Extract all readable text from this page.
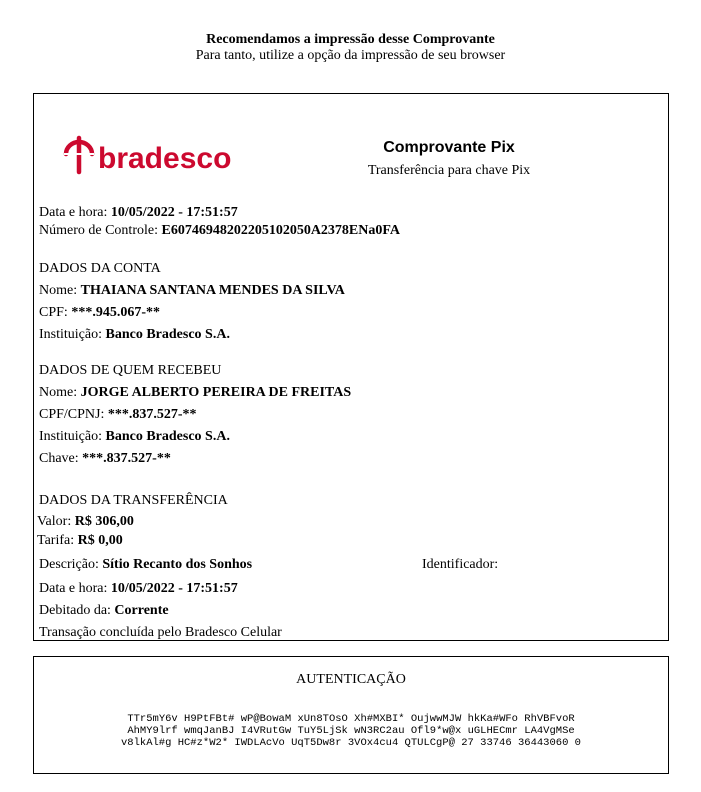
Recomendamos a impressão desse Comprovante
Para tanto, utilize a opção da impressão de seu browser
bradesco	Comprovante Pix
Transferência para chave Pix
Data e hora: 10/05/2022 - 17:51:57
Número de Controle: E60746948202205102050A2378ENa0FA
DADOS DA CONTA
Nome: THAIANA SANTANA MENDES DA SILVA
CPF: ***.945.067-**
Instituição: Banco Bradesco S.A.
DADOS DE QUEM RECEBEU
Nome: JORGE ALBERTO PEREIRA DE FREITAS
CPF/CPNJ: ***.837.527-**
Instituição: Banco Bradesco S.A.
Chave: ***.837.527-**
DADOS DA TRANSFERÊNCIA
Valor: R$ 306,00
Tarifa: R$ 0,00
Descrição: Sítio Recanto dos Sonhos	Identificador:
Data e hora: 10/05/2022 - 17:51:57
Debitado da: Corrente
Transação concluída pelo Bradesco Celular
AUTENTICAÇÃO
TTr5mY6v H9PtFBt# wP@BowaM xUn8TOsO Xh#MXBI* OujwwMJW hkKa#WFo RhVBFvoR
AhMY9lrf wmqJanBJ I4VRutGw TuY5LjSk wN3RC2au Ofl9*w@x uGLHECmr LA4VgMSe
v8lkAl#g HC#z*W2* IWDLAcVo UqT5Dw8r 3VOx4cu4 QTULCgP@ 27 33746 36443060 0
